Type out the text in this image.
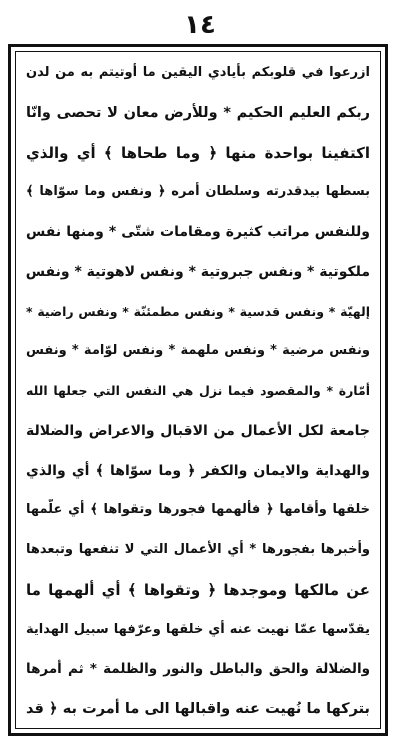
١٤
ازرعوا في قلوبكم بأيادي اليقين ما أوتيتم به من لدن
ربكم العليم الحكيم * وللأرض معان لا تحصى وانّا
اكتفينا بواحدة منها ﴿ وما طحاها ﴾ أي والذي
بسطها بيدقدرته وسلطان أمره ﴿ ونفس وما سوّاها ﴾
وللنفس مراتب كثيرة ومقامات شتّى * ومنها نفس
ملكوتية * ونفس جبروتية * ونفس لاهوتية * ونفس
إلهيّة * ونفس قدسية * ونفس مطمئنّة * ونفس راضية *
ونفس مرضية * ونفس ملهمة * ونفس لوّامة * ونفس
أمّارة * والمقصود فيما نزل هي النفس التي جعلها الله
جامعة لكل الأعمال من الاقبال والاعراض والضلالة
والهداية والايمان والكفر ﴿ وما سوّاها ﴾ أي والذي
خلقها وأقامها ﴿ فألهمها فجورها وتقواها ﴾ أي علّمها
وأخبرها بفجورها * أي الأعمال التي لا تنفعها وتبعدها
عن مالكها وموجدها ﴿ وتقواها ﴾ أي ألهمها ما
يقدّسها عمّا نهيت عنه أي خلقها وعرّفها سبيل الهداية
والضلالة والحق والباطل والنور والظلمة * ثم أمرها
بتركها ما نُهيت عنه واقبالها الى ما أُمرت به ﴿ قد
